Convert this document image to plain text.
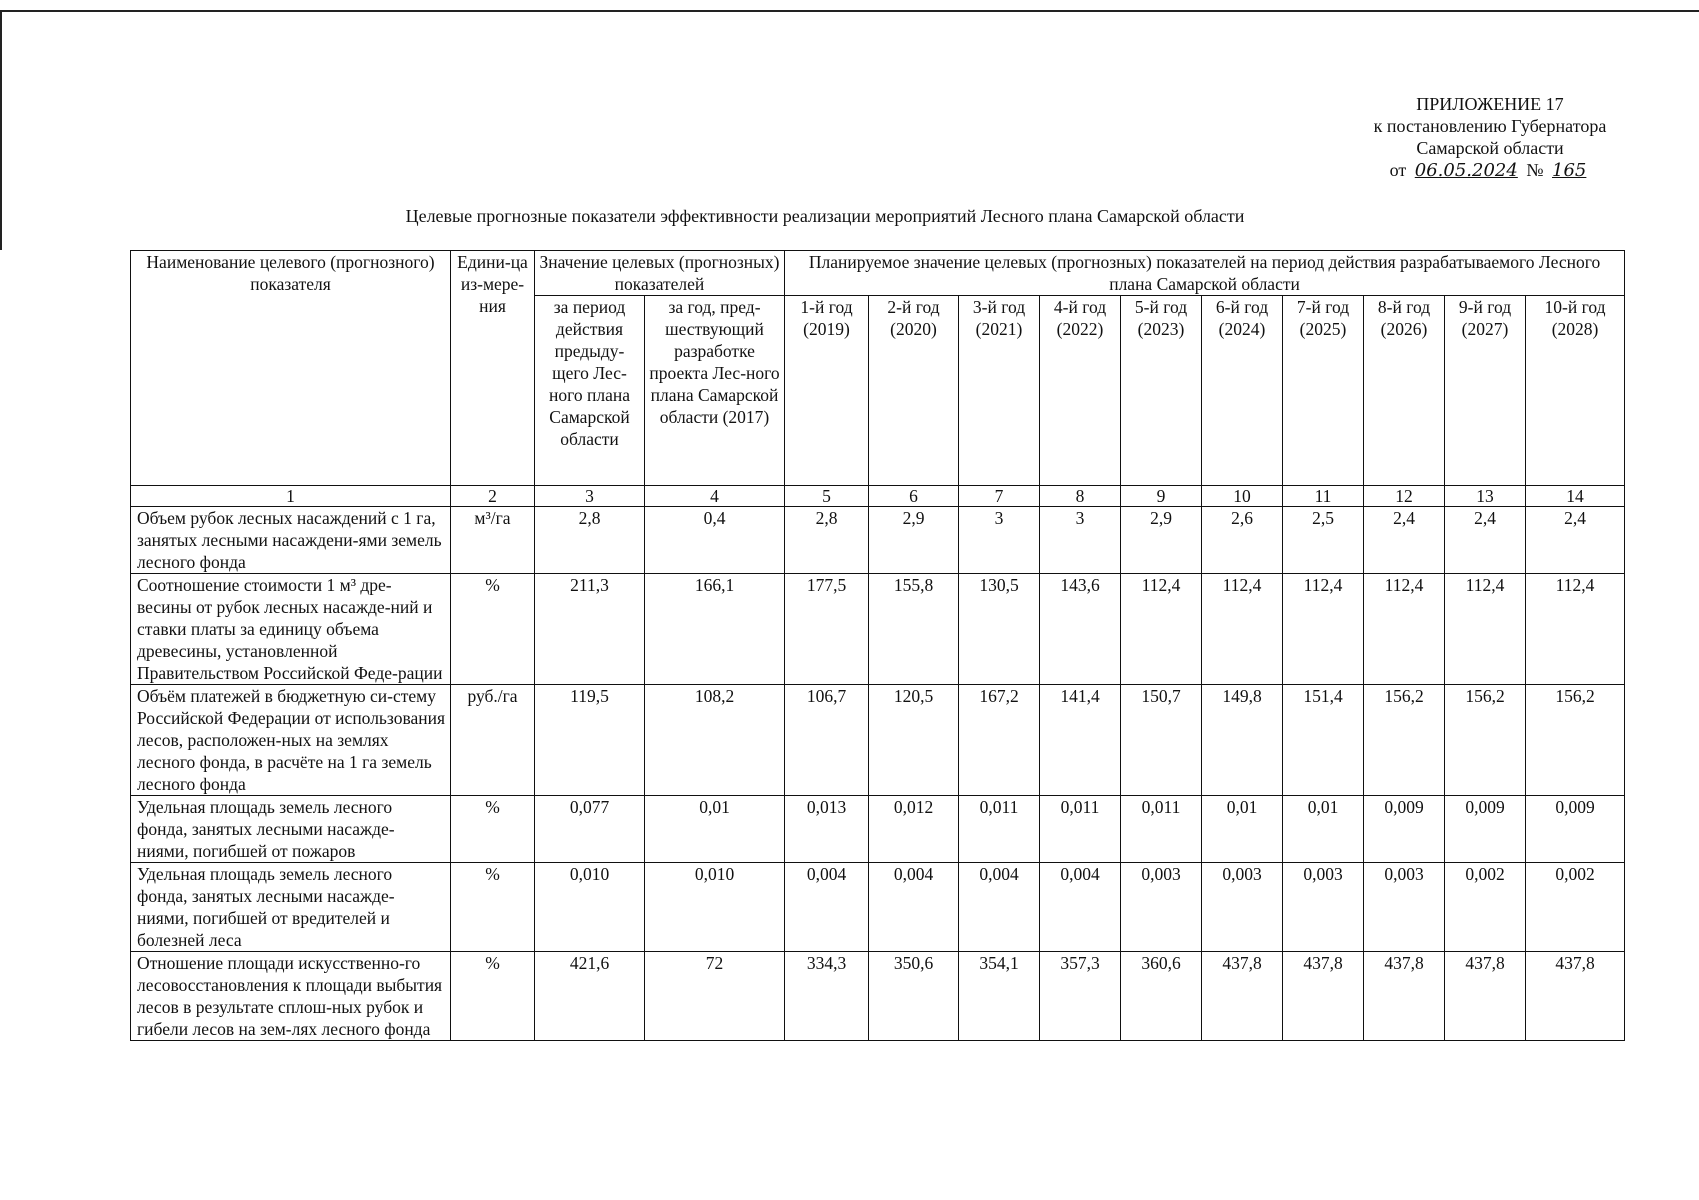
ПРИЛОЖЕНИЕ 17
к постановлению Губернатора
Самарской области
от 06.05.2024 № 165
Целевые прогнозные показатели эффективности реализации мероприятий Лесного плана Самарской области
Наименование целевого (прогнозного) показателя	Едини-ца из-мере-ния	Значение целевых (прогнозных) показателей		Планируемое значение целевых (прогнозных) показателей на период действия разрабатываемого Лесного плана Самарской области									
		за период действия предыду-щего Лес-ного плана Самарской области	за год, пред-шествующий разработке проекта Лес-ного плана Самарской области (2017)	1-й год (2019)	2-й год (2020)	3-й год (2021)	4-й год (2022)	5-й год (2023)	6-й год (2024)	7-й год (2025)	8-й год (2026)	9-й год (2027)	10-й год (2028)
1	2	3	4	5	6	7	8	9	10	11	12	13	14
Объем рубок лесных насаждений с 1 га, занятых лесными насаждени-ями земель лесного фонда	м³/га	2,8	0,4	2,8	2,9	3	3	2,9	2,6	2,5	2,4	2,4	2,4
Соотношение стоимости 1 м³ дре-весины от рубок лесных насажде-ний и ставки платы за единицу объема древесины, установленной Правительством Российской Феде-рации	%	211,3	166,1	177,5	155,8	130,5	143,6	112,4	112,4	112,4	112,4	112,4	112,4
Объём платежей в бюджетную си-стему Российской Федерации от использования лесов, расположен-ных на землях лесного фонда, в расчёте на 1 га земель лесного фонда	руб./га	119,5	108,2	106,7	120,5	167,2	141,4	150,7	149,8	151,4	156,2	156,2	156,2
Удельная площадь земель лесного фонда, занятых лесными насажде-ниями, погибшей от пожаров	%	0,077	0,01	0,013	0,012	0,011	0,011	0,011	0,01	0,01	0,009	0,009	0,009
Удельная площадь земель лесного фонда, занятых лесными насажде-ниями, погибшей от вредителей и болезней леса	%	0,010	0,010	0,004	0,004	0,004	0,004	0,003	0,003	0,003	0,003	0,002	0,002
Отношение площади искусственно-го лесовосстановления к площади выбытия лесов в результате сплош-ных рубок и гибели лесов на зем-лях лесного фонда	%	421,6	72	334,3	350,6	354,1	357,3	360,6	437,8	437,8	437,8	437,8	437,8
